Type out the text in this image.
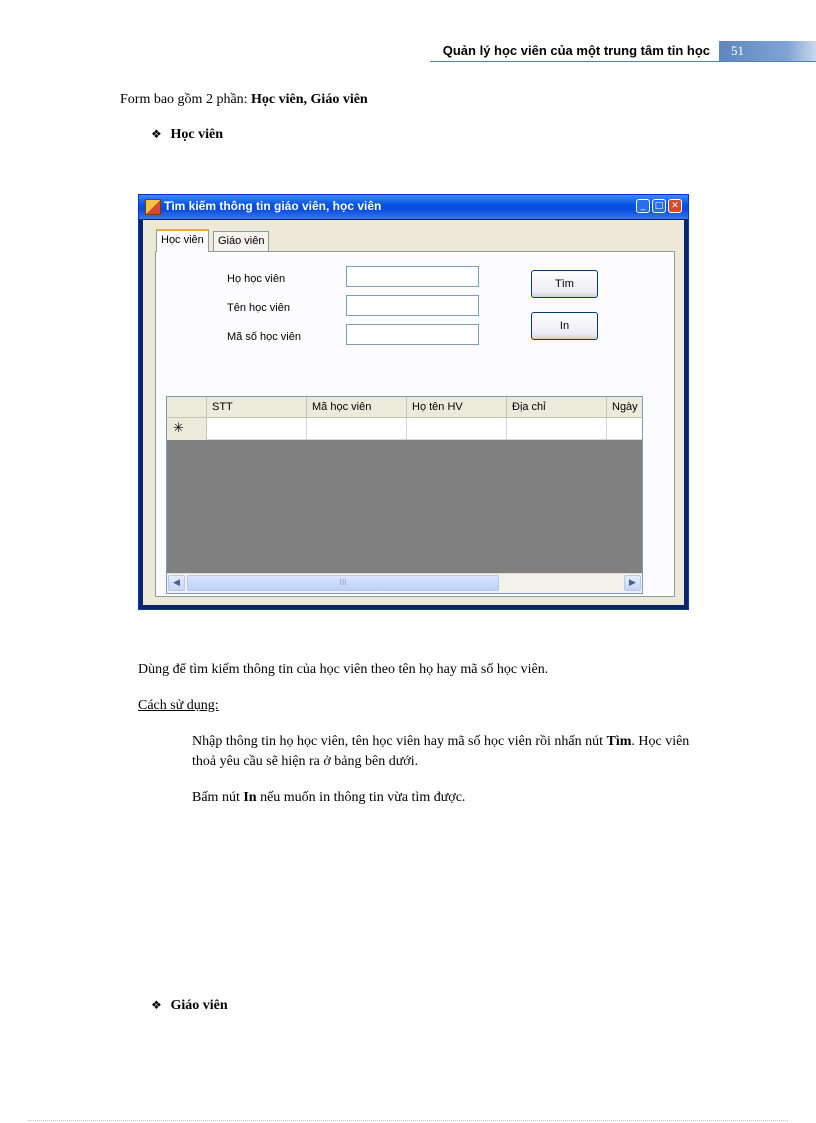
Quản lý học viên của một trung tâm tin học 51
Form bao gồm 2 phần: Học viên, Giáo viên
❖ Học viên
Tìm kiếm thông tin giáo viên, học viên	_	□ ✕
Học viên	Giáo viên
Họ học viên
Tên học viên
Mã số học viên
Tìm
In
STT	Mã học viên	Họ tên HV	Địa chỉ	Ngày
✳
◀	III	▶
Dùng để tìm kiếm thông tin của học viên theo tên họ hay mã số học viên.
Cách sử dụng:
Nhập thông tin họ học viên, tên học viên hay mã số học viên rồi nhấn nút Tìm. Học viên
thoả yêu cầu sẽ hiện ra ở bảng bên dưới.
Bấm nút In nếu muốn in thông tin vừa tìm được.
❖ Giáo viên
